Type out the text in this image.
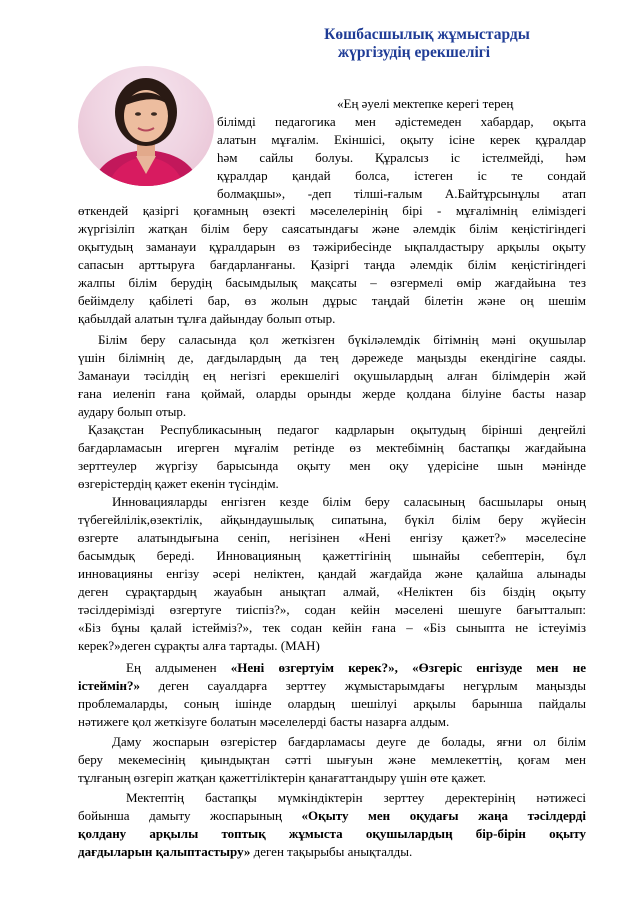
Көшбасшылық жұмыстарды
жүргізудің ерекшелігі
«Ең әуелі мектепке керегі терең
білімді педагогика мен әдістемеден хабардар, оқыта
алатын мұғалім. Екіншісі, оқыту ісіне керек құралдар
һәм сайлы болуы. Құралсыз іс істелмейді, һәм
құралдар қандай болса, істеген іс те сондай
болмақшы», -деп тілші-ғалым А.Байтұрсынұлы атап
өткендей қазіргі қоғамның өзекті мәселелерінің бірі - мұғалімнің еліміздегі
жүргізіліп жатқан білім беру саясатындағы және әлемдік білім кеңістігіндегі
оқытудың заманауи құралдарын өз тәжірибесінде ықпалдастыру арқылы оқыту
сапасын арттыруға бағдарланғаны. Қазіргі таңда әлемдік білім кеңістігіндегі
жалпы білім берудің басымдылық мақсаты – өзгермелі өмір жағдайына тез
бейімделу қабілеті бар, өз жолын дұрыс таңдай білетін және оң шешім
қабылдай алатын тұлға дайындау болып отыр.
Білім беру саласында қол жеткізген бүкіләлемдік бітімнің мәні оқушылар
үшін білімнің де, дағдылардың да тең дәрежеде маңызды екендігіне саяды.
Заманауи тәсілдің ең негізгі ерекшелігі оқушылардың алған білімдерін жәй
ғана иеленіп ғана қоймай, оларды орынды жерде қолдана білуіне басты назар
аудару болып отыр.
Қазақстан Республикасының педагог кадрларын оқытудың бірінші деңгейлі
бағдарламасын игерген мұғалім ретінде өз мектебімнің бастапқы жағдайына
зерттеулер жүргізу барысында оқыту мен оқу үдерісіне шын мәнінде
өзгерістердің қажет екенін түсіндім.
Инновацияларды енгізген кезде білім беру саласының басшылары оның
түбегейлілік,өзектілік, айқындаушылық сипатына, бүкіл білім беру жүйесін
өзгерте алатындығына сеніп, негізінен «Нені енгізу қажет?» мәселесіне
басымдық береді. Инновацияның қажеттігінің шынайы себептерін, бұл
инновацияны енгізу әсері неліктен, қандай жағдайда және қалайша алынады
деген сұрақтардың жауабын анықтап алмай, «Неліктен біз біздің оқыту
тәсілдерімізді өзгертуге тиіспіз?», содан кейін мәселені шешуге бағытталып:
«Біз бұны қалай істейміз?», тек содан кейін ғана – «Біз сыныпта не істеуіміз
керек?»деген сұрақты алға тартады. (МАН)
Ең алдыменен «Нені өзгертуім керек?», «Өзгеріс енгізуде мен не
істеймін?» деген сауалдарға зерттеу жұмыстарымдағы негұрлым маңызды
проблемаларды, соның ішінде олардың шешілуі арқылы барынша пайдалы
нәтижеге қол жеткізуге болатын мәселелерді басты назарға алдым.
Даму жоспарын өзгерістер бағдарламасы деуге де болады, яғни ол білім
беру мекемесінің қиындықтан сәтті шығуын және мемлекеттің, қоғам мен
тұлғаның өзгеріп жатқан қажеттіліктерін қанағаттандыру үшін өте қажет.
Мектептің бастапқы мүмкіндіктерін зерттеу деректерінің нәтижесі
бойынша дамыту жоспарының «Оқыту мен оқудағы жаңа тәсілдерді
қолдану арқылы топтық жұмыста оқушылардың бір-бірін оқыту
дағдыларын қалыптастыру» деген тақырыбы анықталды.
